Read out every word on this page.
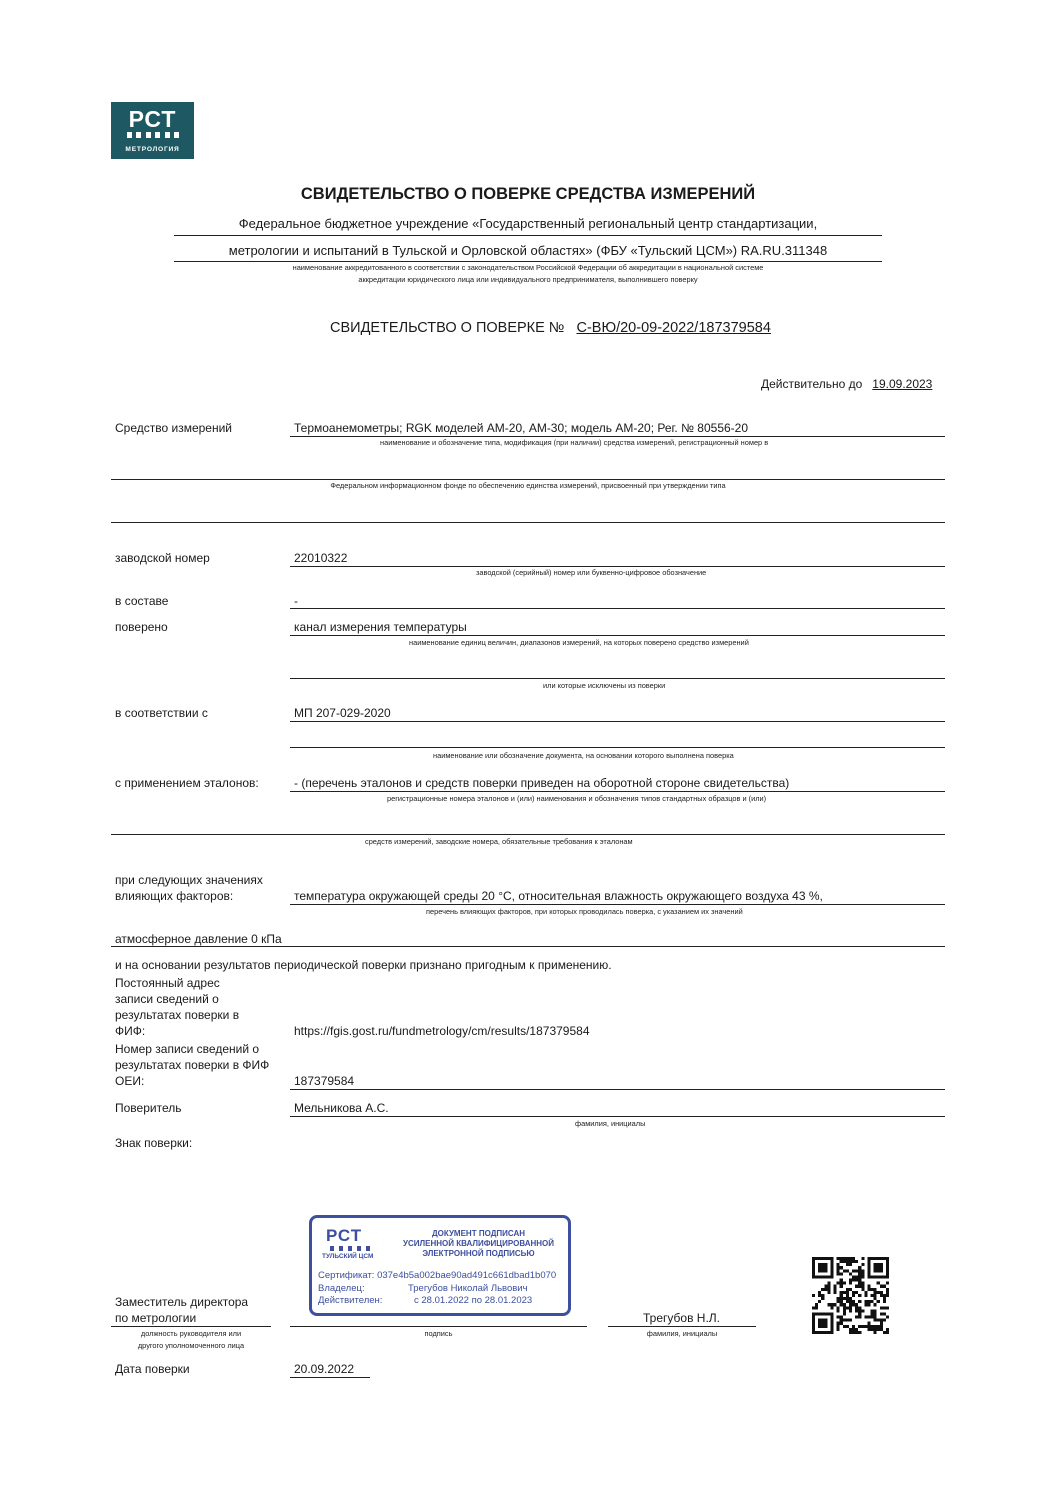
РСТ
МЕТРОЛОГИЯ
СВИДЕТЕЛЬСТВО О ПОВЕРКЕ СРЕДСТВА ИЗМЕРЕНИЙ
Федеральное бюджетное учреждение «Государственный региональный центр стандартизации,
метрологии и испытаний в Тульской и Орловской областях» (ФБУ «Тульский ЦСМ») RA.RU.311348
наименование аккредитованного в соответствии с законодательством Российской Федерации об аккредитации в национальной системе
аккредитации юридического лица или индивидуального предпринимателя, выполнившего поверку
СВИДЕТЕЛЬСТВО О ПОВЕРКЕ № С-ВЮ/20-09-2022/187379584
Действительно до 19.09.2023
Средство измерений	Термоанемометры; RGK моделей АМ-20, АМ-30; модель АМ-20; Рег. № 80556-20
наименование и обозначение типа, модификация (при наличии) средства измерений, регистрационный номер в
Федеральном информационном фонде по обеспечению единства измерений, присвоенный при утверждении типа
заводской номер	22010322
заводской (серийный) номер или буквенно-цифровое обозначение
в составе	-
поверено	канал измерения температуры
наименование единиц величин, диапазонов измерений, на которых поверено средство измерений
или которые исключены из поверки
в соответствии с	МП 207-029-2020
наименование или обозначение документа, на основании которого выполнена поверка
с применением эталонов:	- (перечень эталонов и средств поверки приведен на оборотной стороне свидетельства)
регистрационные номера эталонов и (или) наименования и обозначения типов стандартных образцов и (или)
средств измерений, заводские номера, обязательные требования к эталонам
при следующих значениях
влияющих факторов:	температура окружающей среды 20 °C, относительная влажность окружающего воздуха 43 %,
перечень влияющих факторов, при которых проводилась поверка, с указанием их значений
атмосферное давление 0 кПа
и на основании результатов периодической поверки признано пригодным к применению.
Постоянный адрес
записи сведений о
результатах поверки в
ФИФ:	https://fgis.gost.ru/fundmetrology/cm/results/187379584
Номер записи сведений о
результатах поверки в ФИФ
ОЕИ:	187379584
Поверитель	Мельникова А.С.
фамилия, инициалы
Знак поверки:
РСТ
ТУЛЬСКИЙ ЦСМ
ДОКУМЕНТ ПОДПИСАН
УСИЛЕННОЙ КВАЛИФИЦИРОВАННОЙ
ЭЛЕКТРОННОЙ ПОДПИСЬЮ
Сертификат: 037e4b5a002bae90ad491c661dbad1b070
Владелец:	Трегубов Николай Львович
Действителен:	с 28.01.2022 по 28.01.2023
Заместитель директора
по метрологии
должность руководителя или
другого уполномоченного лица
подпись
Трегубов Н.Л.
фамилия, инициалы
Дата поверки	20.09.2022
